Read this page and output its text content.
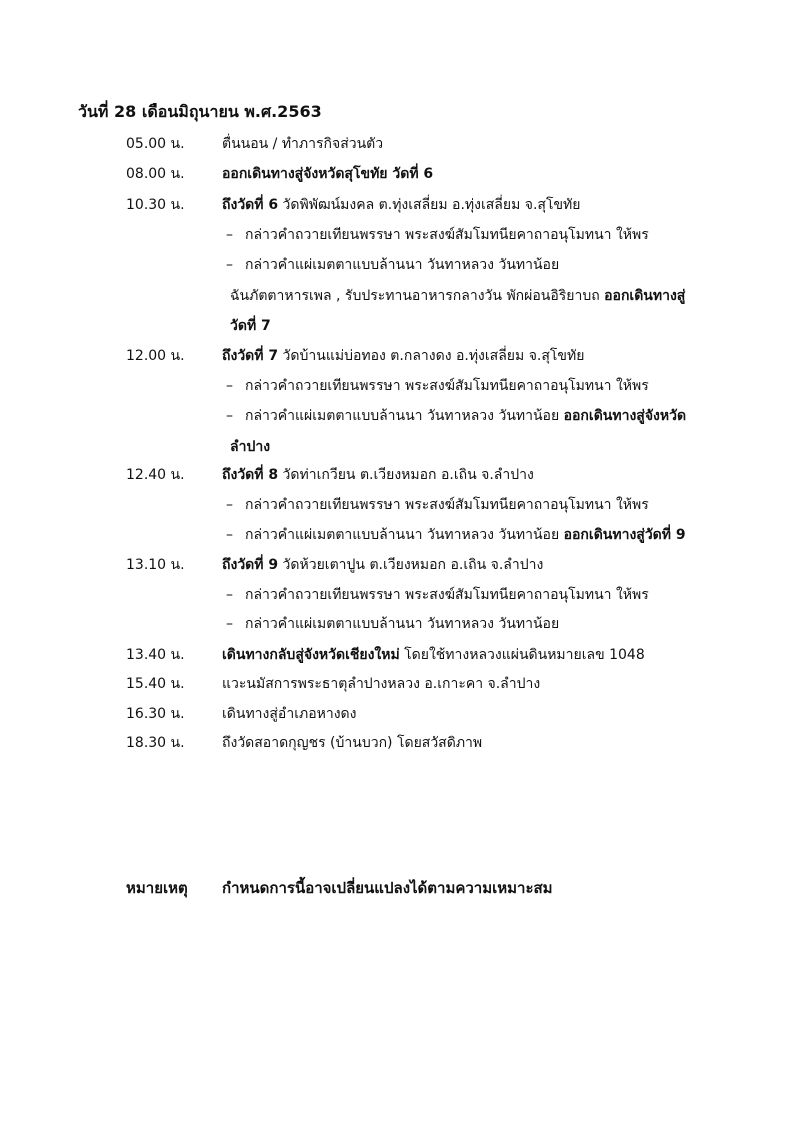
วันที่ 28 เดือนมิถุนายน พ.ศ.2563
05.00 น.	ตื่นนอน / ทำภารกิจส่วนตัว
08.00 น.	ออกเดินทางสู่จังหวัดสุโขทัย วัดที่ 6
10.30 น.	ถึงวัดที่ 6 วัดพิพัฒน์มงคล ต.ทุ่งเสลี่ยม อ.ทุ่งเสลี่ยม จ.สุโขทัย
– กล่าวคำถวายเทียนพรรษา พระสงฆ์สัมโมทนียคาถาอนุโมทนา ให้พร
– กล่าวคำแผ่เมตตาแบบล้านนา วันทาหลวง วันทาน้อย
ฉันภัตตาหารเพล , รับประทานอาหารกลางวัน พักผ่อนอิริยาบถ ออกเดินทางสู่
วัดที่ 7
12.00 น.	ถึงวัดที่ 7 วัดบ้านแม่บ่อทอง ต.กลางดง อ.ทุ่งเสลี่ยม จ.สุโขทัย
– กล่าวคำถวายเทียนพรรษา พระสงฆ์สัมโมทนียคาถาอนุโมทนา ให้พร
– กล่าวคำแผ่เมตตาแบบล้านนา วันทาหลวง วันทาน้อย ออกเดินทางสู่จังหวัด
ลำปาง
12.40 น.	ถึงวัดที่ 8 วัดท่าเกวียน ต.เวียงหมอก อ.เถิน จ.ลำปาง
– กล่าวคำถวายเทียนพรรษา พระสงฆ์สัมโมทนียคาถาอนุโมทนา ให้พร
– กล่าวคำแผ่เมตตาแบบล้านนา วันทาหลวง วันทาน้อย ออกเดินทางสู่วัดที่ 9
13.10 น.	ถึงวัดที่ 9 วัดห้วยเตาปูน ต.เวียงหมอก อ.เถิน จ.ลำปาง
– กล่าวคำถวายเทียนพรรษา พระสงฆ์สัมโมทนียคาถาอนุโมทนา ให้พร
– กล่าวคำแผ่เมตตาแบบล้านนา วันทาหลวง วันทาน้อย
13.40 น.	เดินทางกลับสู่จังหวัดเชียงใหม่ โดยใช้ทางหลวงแผ่นดินหมายเลข 1048
15.40 น.	แวะนมัสการพระธาตุลำปางหลวง อ.เกาะคา จ.ลำปาง
16.30 น.	เดินทางสู่อำเภอหางดง
18.30 น.	ถึงวัดสอาดกุญชร (บ้านบวก) โดยสวัสดิภาพ
หมายเหตุ กำหนดการนี้อาจเปลี่ยนแปลงได้ตามความเหมาะสม
